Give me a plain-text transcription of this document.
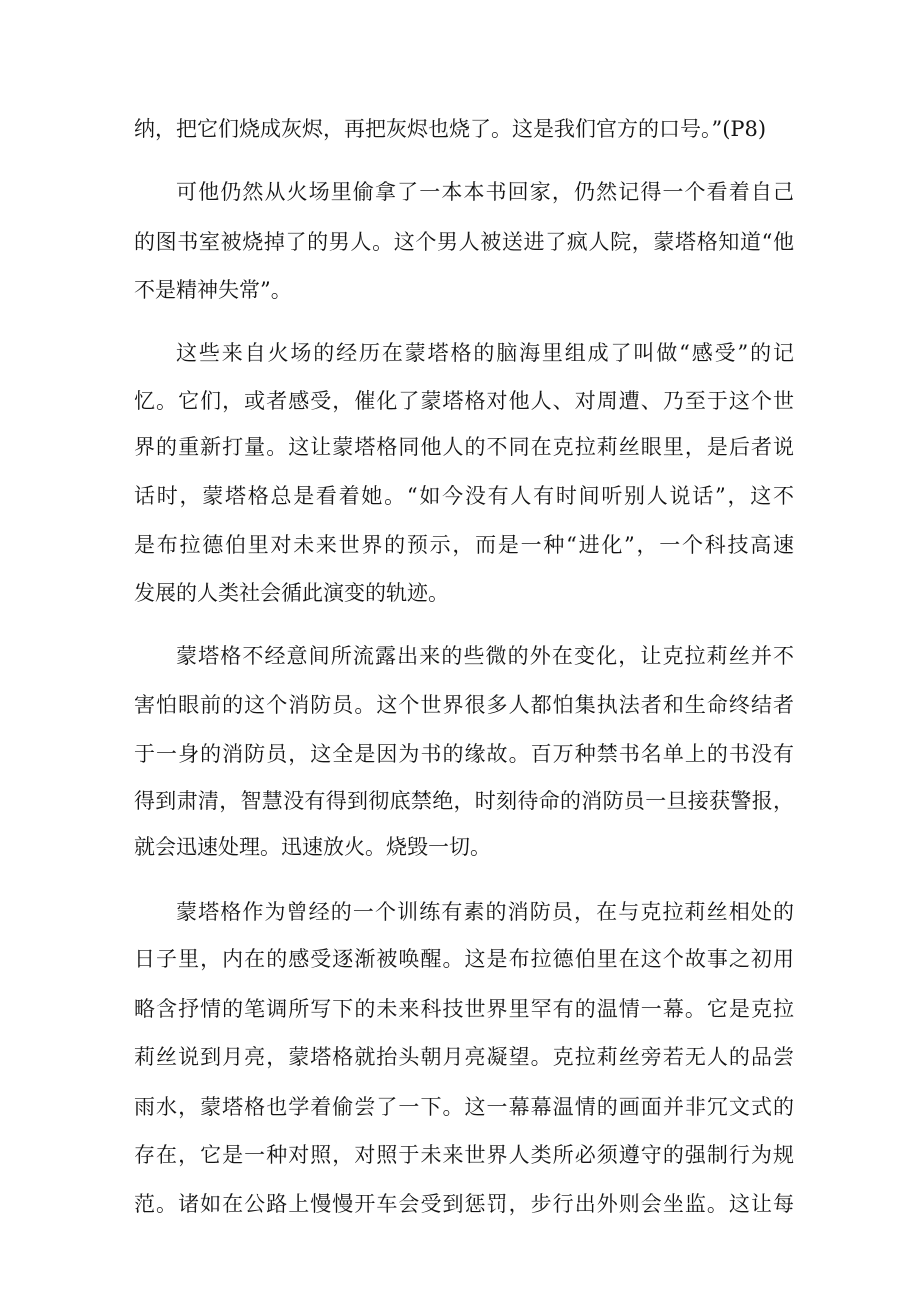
纳，把它们烧成灰烬，再把灰烬也烧了。这是我们官方的口号。”(P8)

可他仍然从火场里偷拿了一本本书回家，仍然记得一个看着自己

的图书室被烧掉了的男人。这个男人被送进了疯人院，蒙塔格知道“他

不是精神失常”。

这些来自火场的经历在蒙塔格的脑海里组成了叫做“感受”的记

忆。它们，或者感受，催化了蒙塔格对他人、对周遭、乃至于这个世

界的重新打量。这让蒙塔格同他人的不同在克拉莉丝眼里，是后者说

话时，蒙塔格总是看着她。“如今没有人有时间听别人说话”，这不

是布拉德伯里对未来世界的预示，而是一种“进化”，一个科技高速

发展的人类社会循此演变的轨迹。

蒙塔格不经意间所流露出来的些微的外在变化，让克拉莉丝并不

害怕眼前的这个消防员。这个世界很多人都怕集执法者和生命终结者

于一身的消防员，这全是因为书的缘故。百万种禁书名单上的书没有

得到肃清，智慧没有得到彻底禁绝，时刻待命的消防员一旦接获警报，

就会迅速处理。迅速放火。烧毁一切。

蒙塔格作为曾经的一个训练有素的消防员，在与克拉莉丝相处的

日子里，内在的感受逐渐被唤醒。这是布拉德伯里在这个故事之初用

略含抒情的笔调所写下的未来科技世界里罕有的温情一幕。它是克拉

莉丝说到月亮，蒙塔格就抬头朝月亮凝望。克拉莉丝旁若无人的品尝

雨水，蒙塔格也学着偷尝了一下。这一幕幕温情的画面并非冗文式的

存在，它是一种对照，对照于未来世界人类所必须遵守的强制行为规

范。诸如在公路上慢慢开车会受到惩罚，步行出外则会坐监。这让每
